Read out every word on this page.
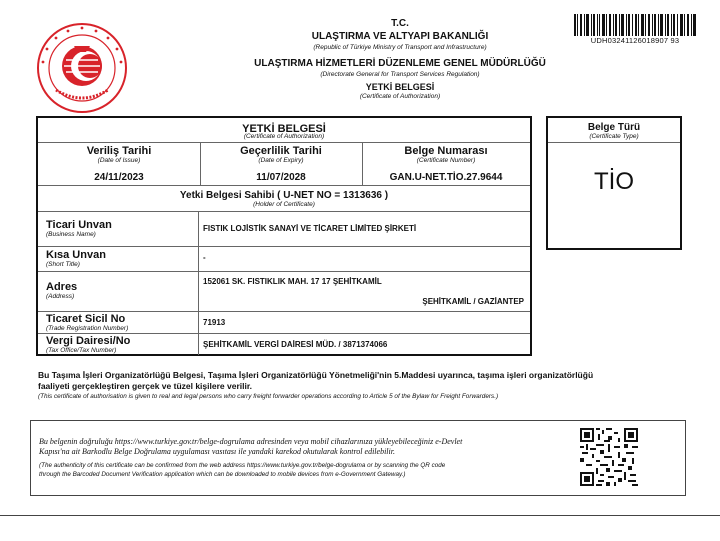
T.C.
ULAŞTIRMA VE ALTYAPI BAKANLIĞI
(Republic of Türkiye Ministry of Transport and Infrastructure)
ULAŞTIRMA HİZMETLERİ DÜZENLEME GENEL MÜDÜRLÜĞÜ
(Directorate General for Transport Services Regulation)
YETKİ BELGESİ
(Certificate of Authorization)
UDH03241126018907 93
YETKİ BELGESİ
(Certificate of Authorization)
Veriliş Tarihi
(Date of Issue)
24/11/2023
Geçerlilik Tarihi
(Date of Expiry)
11/07/2028
Belge Numarası
(Certificate Number)
GAN.U-NET.TİO.27.9644
Yetki Belgesi Sahibi ( U-NET NO = 1313636 )
(Holder of Certificate)
Ticari Unvan
(Business Name)
FISTIK LOJİSTİK SANAYİ VE TİCARET LİMİTED ŞİRKETİ
Kısa Unvan
(Short Title)
-
Adres
(Address)
152061 SK. FISTIKLIK MAH. 17 17 ŞEHİTKAMİL
ŞEHİTKAMİL / GAZİANTEP
Ticaret Sicil No
(Trade Registration Number)
71913
Vergi Dairesi/No
(Tax Office/Tax Number)
ŞEHİTKAMİL VERGİ DAİRESİ MÜD. / 3871374066
Belge Türü
(Certificate Type)
TİO
Bu Taşıma İşleri Organizatörlüğü Belgesi, Taşıma İşleri Organizatörlüğü Yönetmeliği'nin 5.Maddesi uyarınca, taşıma işleri organizatörlüğü faaliyeti gerçekleştiren gerçek ve tüzel kişilere verilir.
(This certificate of authorisation is given to real and legal persons who carry freight forwarder operations according to Article 5 of the Bylaw for Freight Forwarders.)
Bu belgenin doğruluğu https://www.turkiye.gov.tr/belge-dogrulama adresinden veya mobil cihazlarınıza yükleyebileceğiniz e-Devlet
Kapısı'na ait Barkodlu Belge Doğrulama uygulaması vasıtası ile yandaki karekod okutularak kontrol edilebilir.
(The authenticity of this certificate can be confirmed from the web address https://www.turkiye.gov.tr/belge-dogrulama or by scanning the QR code
through the Barcoded Document Verification application which can be downloaded to mobile devices from e-Government Gateway.)
